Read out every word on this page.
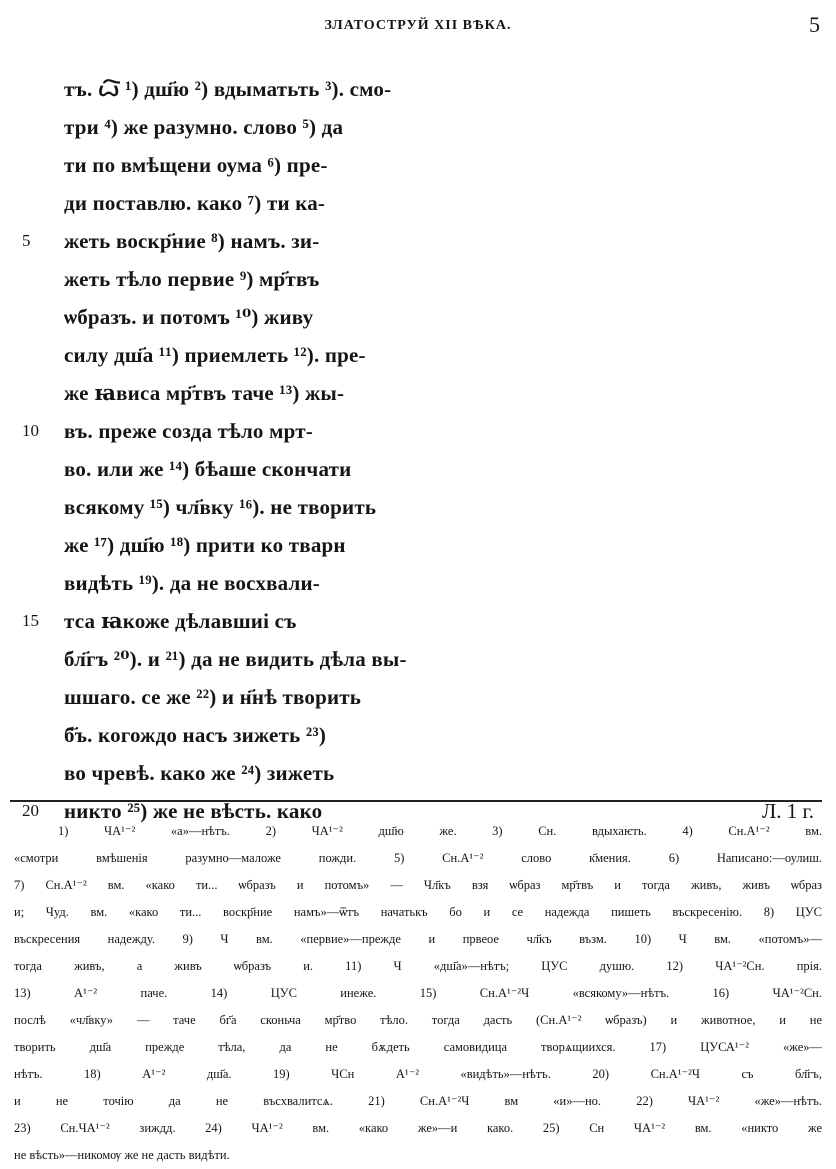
ЗЛАТОСТРУЙ XII ВѢКА.	5
тъ. ꙍ҇ ¹) дш҃ю ²) вдыматьть ³). смо-
три ⁴) же разумно. слово ⁵) да
ти по вмѣщени оума ⁶) пре-
ди поставлю. како ⁷) ти ка-
5 жеть воскр҃ние ⁸) намъ. зи-
жеть тѣло первие ⁹) мр҃твъ
ѡбразъ. и потомъ ¹⁰) живу
силу дш҃а ¹¹) приемлеть ¹²). пре-
же ꙗвиса мр҃твъ таче ¹³) жы-
10 въ. преже созда тѣло мрт-
во. или же ¹⁴) бѣаше скончати
всякому ¹⁵) чл҃вку ¹⁶). не творить
же ¹⁷) дш҃ю ¹⁸) прити ко тварн
видѣть ¹⁹). да не восхвали-
15 тса ꙗкоже дѣлавшиі съ
бл҃гъ ²⁰). и ²¹) да не видить дѣла вы-
шшаго. се же ²²) и н҃нѣ творить
б҃ъ. когождо насъ зижеть ²³)
во чревѣ. како же ²⁴) зижеть
20 никто ²⁵) же не вѣсть. како	Л. 1 г.
1) ЧА¹⁻² «а»—нѣтъ. 2) ЧА¹⁻² дш҃ю же. 3) Сн. вдыхаѥть. 4) Сн.А¹⁻² вм.
«смотри вмѣшенія разумно—маложе пожди. 5) Сн.А¹⁻² слово к҃мения. 6) Написано:—оулиш.
7) Сн.А¹⁻² вм. «како ти... ѡбразъ и потомъ» — Чл҃къ взя ѡбраз мр҃твъ и тогда живъ, живъ ѡбраз
и; Чуд. вм. «како ти... воскр҃ние намъ»—ѿтъ начатькъ бо и се надежда пишеть въскресенію. 8) ЦУС
въскресения надежду. 9) Ч вм. «первие»—прежде и првеое чл҃къ възм. 10) Ч вм. «потомъ»—
тогда живъ, а живъ ѡбразъ и. 11) Ч «дш҃а»—нѣтъ; ЦУС душю. 12) ЧА¹⁻²Сн. прія.
13) А¹⁻² паче. 14) ЦУС инеже. 15) Сн.А¹⁻²Ч «всякому»—нѣтъ. 16) ЧА¹⁻²Сн.
послѣ «чл҃вку» — таче бг҃а сконьча мр҃тво тѣло. тогда дасть (Сн.А¹⁻² ѡбразъ) и животное, и не
творить дш҃а прежде тѣла, да не бѫдеть самовидица творѧщиихся. 17) ЦУСА¹⁻² «же»—
нѣтъ. 18) А¹⁻² дш҃а. 19) ЧСн А¹⁻² «видѣть»—нѣтъ. 20) Сн.А¹⁻²Ч съ бл҃гъ,
и не точію да не въсхвалитсѧ. 21) Сн.А¹⁻²Ч вм «и»—но. 22) ЧА¹⁻² «же»—нѣтъ.
23) Сн.ЧА¹⁻² зиждд. 24) ЧА¹⁻² вм. «како же»—и како. 25) Сн ЧА¹⁻² вм. «никто же
не вѣсть»—никомѹ же не дасть видѣти.
